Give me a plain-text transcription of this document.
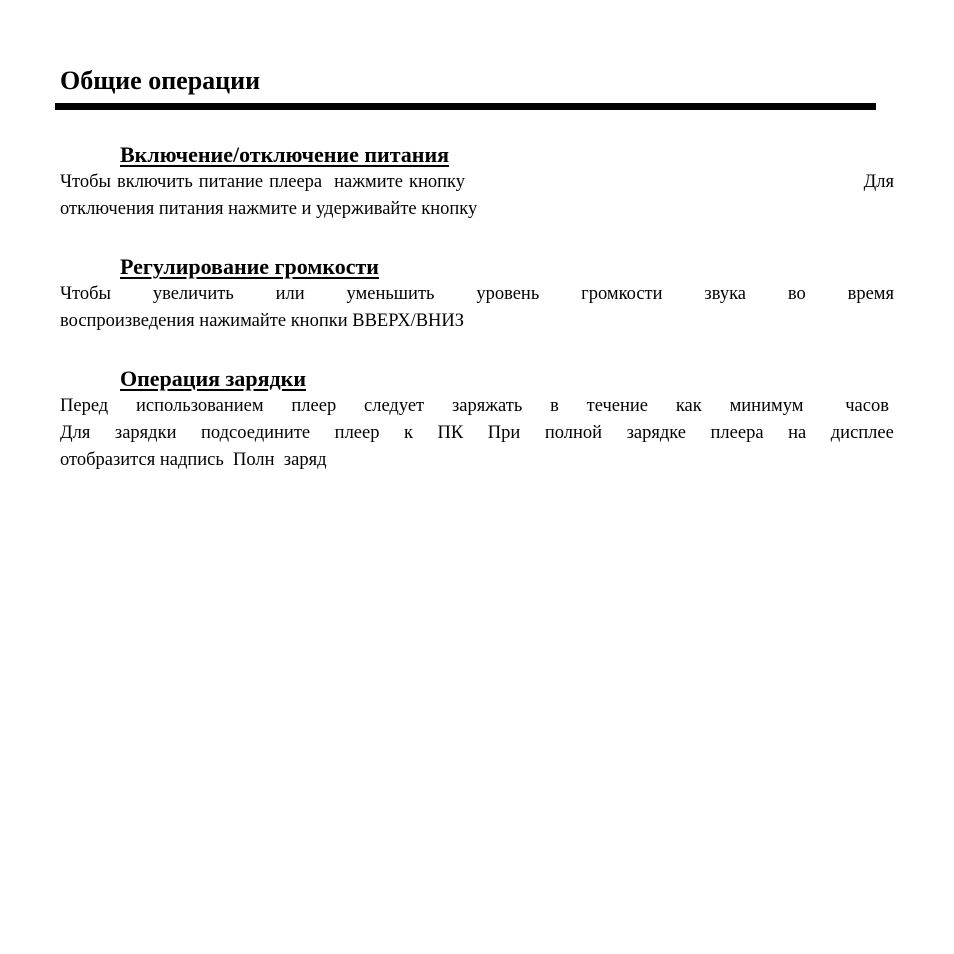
Общие операции
Включение/отключение питания
Чтобы включить питание плеера нажмите кнопку	Для
отключения питания нажмите и удерживайте кнопку
Регулирование громкости
Чтобы увеличить или уменьшить уровень громкости звука во время
воспроизведения нажимайте кнопки ВВЕРХ/ВНИЗ
Операция зарядки
Перед использованием плеер следует заряжать в течение как минимум часов
Для зарядки подсоедините плеер к ПК При полной зарядке плеера на дисплее
отобразится надпись  Полн  заряд
